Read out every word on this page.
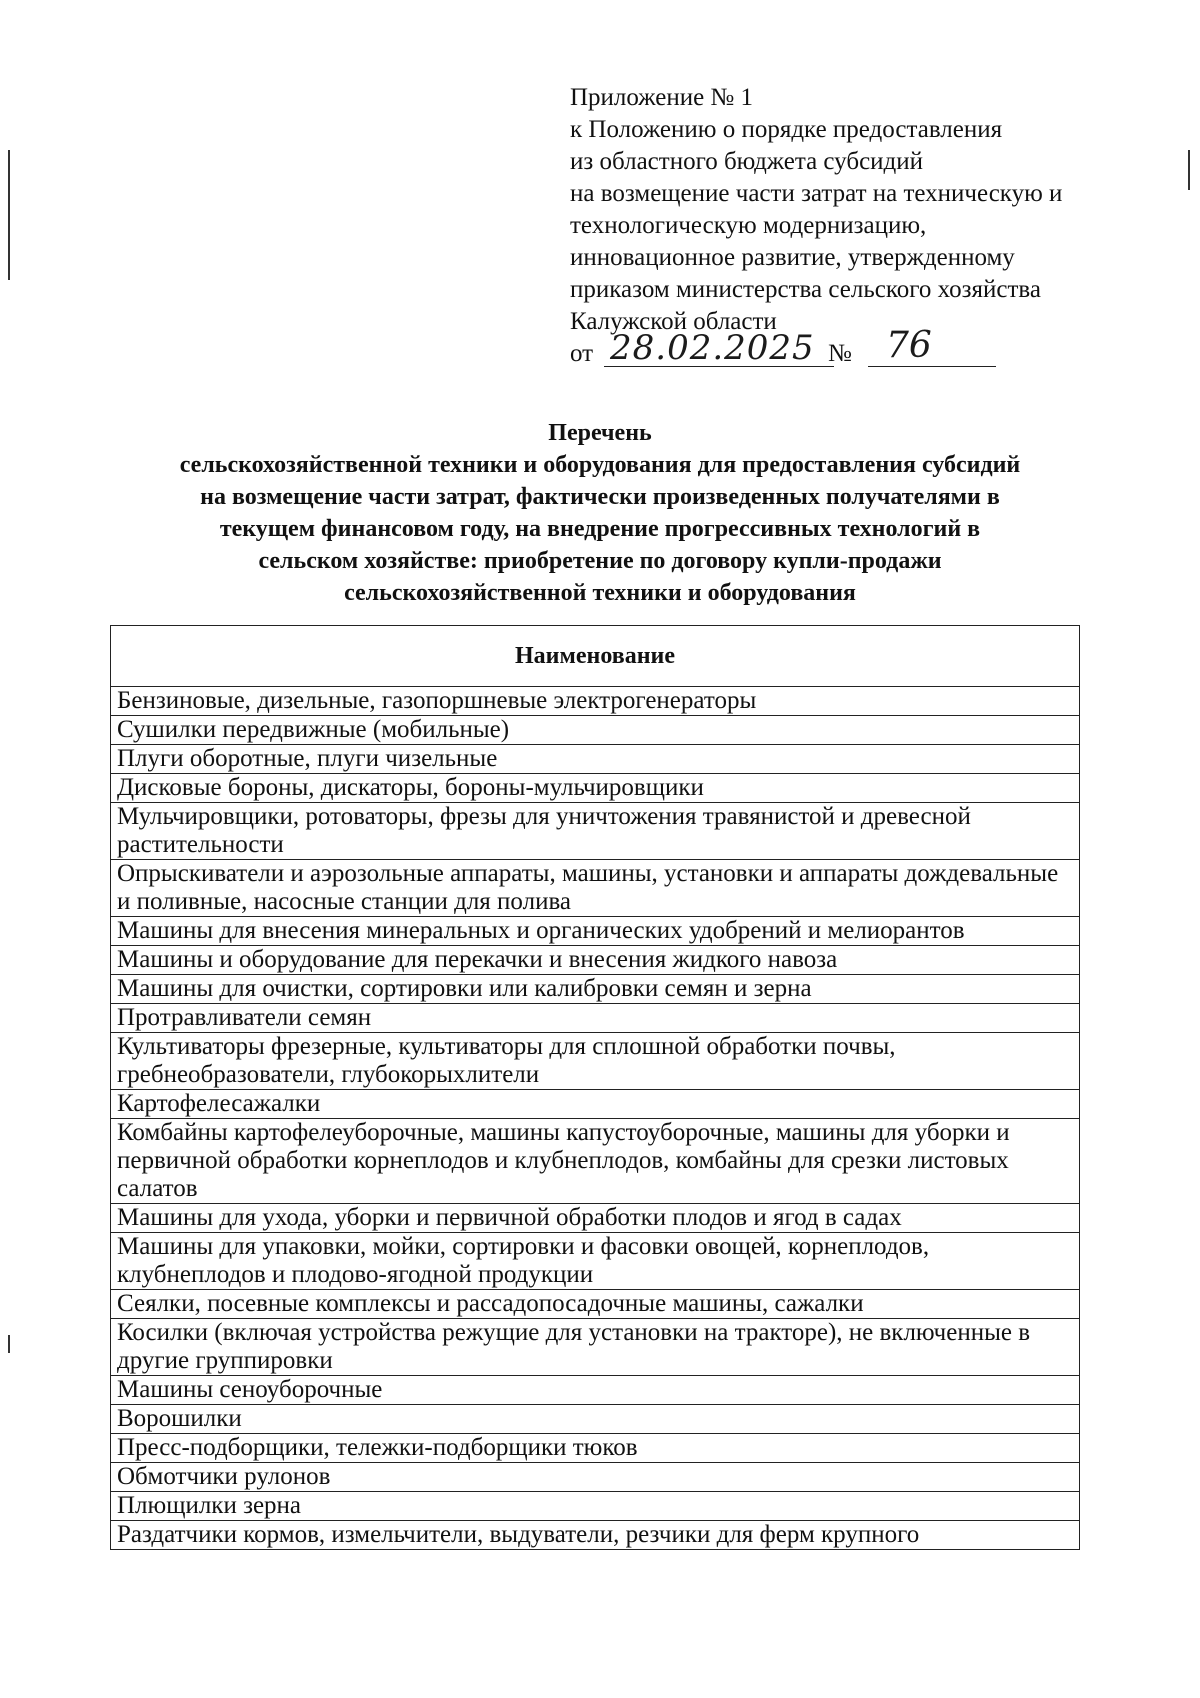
Приложение № 1
к Положению о порядке предоставления
из областного бюджета субсидий
на возмещение части затрат на техническую и
технологическую модернизацию,
инновационное развитие, утвержденному
приказом министерства сельского хозяйства
Калужской области
от 28.02.2025 № 76
Перечень
сельскохозяйственной техники и оборудования для предоставления субсидий
на возмещение части затрат, фактически произведенных получателями в
текущем финансовом году, на внедрение прогрессивных технологий в
сельском хозяйстве: приобретение по договору купли-продажи
сельскохозяйственной техники и оборудования
Наименование
Бензиновые, дизельные, газопоршневые электрогенераторы
Сушилки передвижные (мобильные)
Плуги оборотные, плуги чизельные
Дисковые бороны, дискаторы, бороны-мульчировщики
Мульчировщики, ротоваторы, фрезы для уничтожения травянистой и древесной растительности
Опрыскиватели и аэрозольные аппараты, машины, установки и аппараты дождевальные и поливные, насосные станции для полива
Машины для внесения минеральных и органических удобрений и мелиорантов
Машины и оборудование для перекачки и внесения жидкого навоза
Машины для очистки, сортировки или калибровки семян и зерна
Протравливатели семян
Культиваторы фрезерные, культиваторы для сплошной обработки почвы, гребнеобразователи, глубокорыхлители
Картофелесажалки
Комбайны картофелеуборочные, машины капустоуборочные, машины для уборки и первичной обработки корнеплодов и клубнеплодов, комбайны для срезки листовых салатов
Машины для ухода, уборки и первичной обработки плодов и ягод в садах
Машины для упаковки, мойки, сортировки и фасовки овощей, корнеплодов, клубнеплодов и плодово-ягодной продукции
Сеялки, посевные комплексы и рассадопосадочные машины, сажалки
Косилки (включая устройства режущие для установки на тракторе), не включенные в другие группировки
Машины сеноуборочные
Ворошилки
Пресс-подборщики, тележки-подборщики тюков
Обмотчики рулонов
Плющилки зерна
Раздатчики кормов, измельчители, выдуватели, резчики для ферм крупного
